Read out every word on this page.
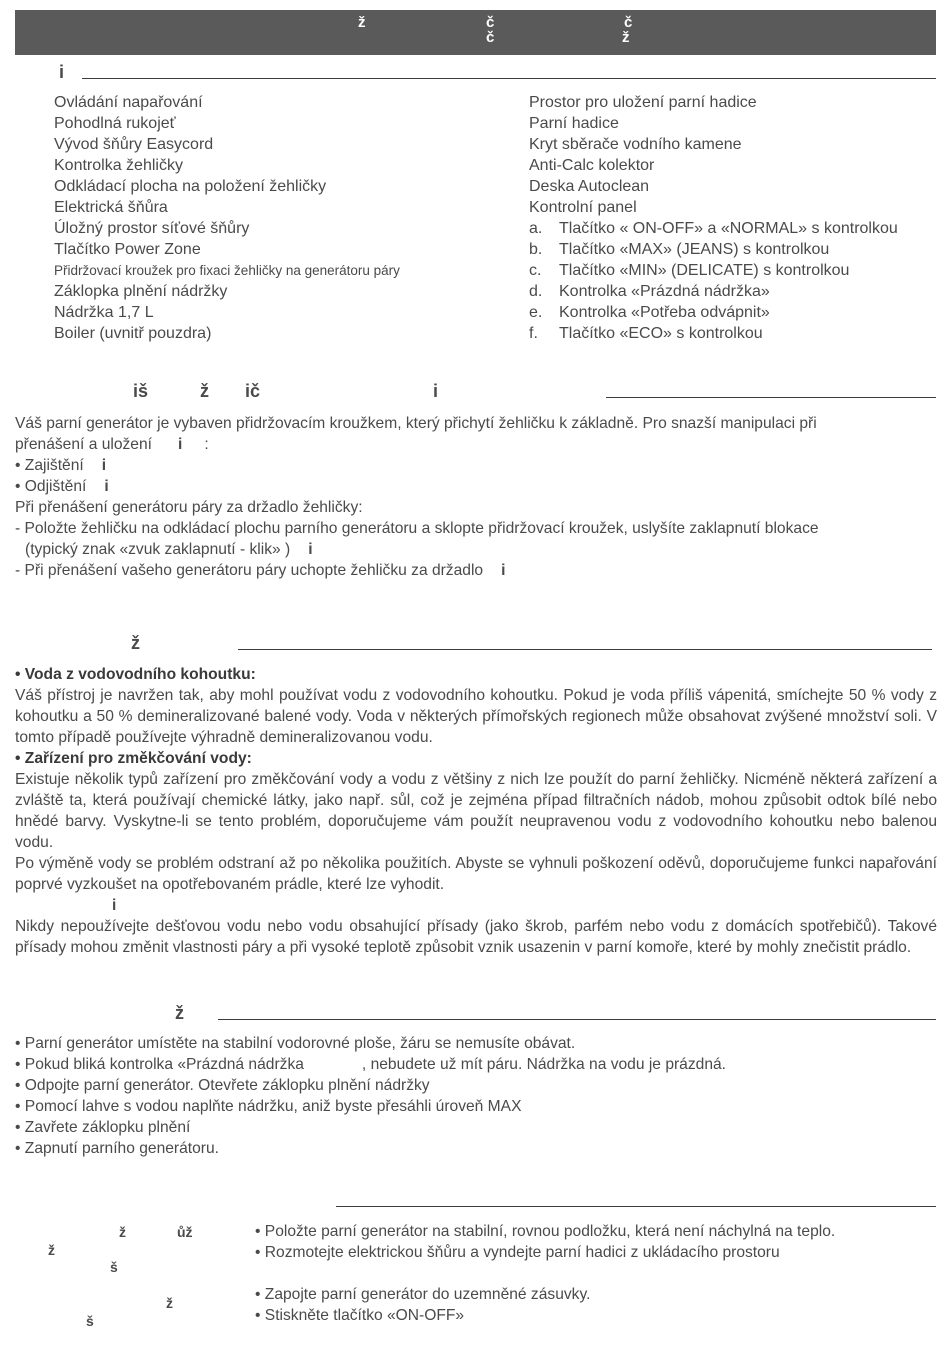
ž	č
č
č
ž
i
Ovládání napařování
Pohodlná rukojeť
Vývod šňůry Easycord
Kontrolka žehličky
Odkládací plocha na položení žehličky
Elektrická šňůra
Úložný prostor síťové šňůry
Tlačítko Power Zone
Přidržovací kroužek pro fixaci žehličky na generátoru páry
Záklopka plnění nádržky
Nádržka 1,7 L
Boiler (uvnitř pouzdra)
Prostor pro uložení parní hadice
Parní hadice
Kryt sběrače vodního kamene
Anti-Calc kolektor
Deska Autoclean
Kontrolní panel
a. Tlačítko « ON-OFF» a «NORMAL» s kontrolkou
b. Tlačítko «MAX» (JEANS) s kontrolkou
c. Tlačítko «MIN» (DELICATE) s kontrolkou
d. Kontrolka «Prázdná nádržka»
e. Kontrolka «Potřeba odvápnit»
f. Tlačítko «ECO» s kontrolkou
iš	ž ič	i
Váš parní generátor je vybaven přidržovacím kroužkem, který přichytí žehličku k základně. Pro snazší manipulaci při
přenášení a uložení i :
• Zajištění i
• Odjištění i
Při přenášení generátoru páry za držadlo žehličky:
- Položte žehličku na odkládací plochu parního generátoru a sklopte přidržovací kroužek, uslyšíte zaklapnutí blokace
(typický znak «zvuk zaklapnutí - klik» ) i
- Při přenášení vašeho generátoru páry uchopte žehličku za držadlo i
ž

• Voda z vodovodního kohoutku:

Váš přístroj je navržen tak, aby mohl používat vodu z vodovodního kohoutku. Pokud je voda příliš vápenitá, smíchejte 50 % vody z kohoutku a 50 % demineralizované balené vody. Voda v některých přímořských regionech může obsahovat zvýšené množství soli. V tomto případě používejte výhradně demineralizovanou vodu.

• Zařízení pro změkčování vody:

Existuje několik typů zařízení pro změkčování vody a vodu z většiny z nich lze použít do parní žehličky. Nicméně některá zařízení a zvláště ta, která používají chemické látky, jako např. sůl, což je zejména případ filtračních nádob, mohou způsobit odtok bílé nebo hnědé barvy. Vyskytne-li se tento problém, doporučujeme vám použít neupravenou vodu z vodovodního kohoutku nebo balenou vodu.

Po výměně vody se problém odstraní až po několika použitích. Abyste se vyhnuli poškození oděvů, doporučujeme funkci napařování poprvé vyzkoušet na opotřebovaném prádle, které lze vyhodit.

i

Nikdy nepoužívejte dešťovou vodu nebo vodu obsahující přísady (jako škrob, parfém nebo vodu z domácích spotřebičů). Takové přísady mohou změnit vlastnosti páry a při vysoké teplotě způsobit vznik usazenin v parní komoře, které by mohly znečistit prádlo.

ž
• Parní generátor umístěte na stabilní vodorovné ploše, žáru se nemusíte obávat.
• Pokud bliká kontrolka «Prázdná nádržka	, nebudete už mít páru. Nádržka na vodu je prázdná.
• Odpojte parní generátor. Otevřete záklopku plnění nádržky
• Pomocí lahve s vodou naplňte nádržku, aniž byste přesáhli úroveň MAX
• Zavřete záklopku plnění
• Zapnutí parního generátoru.
ž
ž	ůž
š
ž
š
• Položte parní generátor na stabilní, rovnou podložku, která není náchylná na teplo.
• Rozmotejte elektrickou šňůru a vyndejte parní hadici z ukládacího prostoru
• Zapojte parní generátor do uzemněné zásuvky.
• Stiskněte tlačítko «ON-OFF»
